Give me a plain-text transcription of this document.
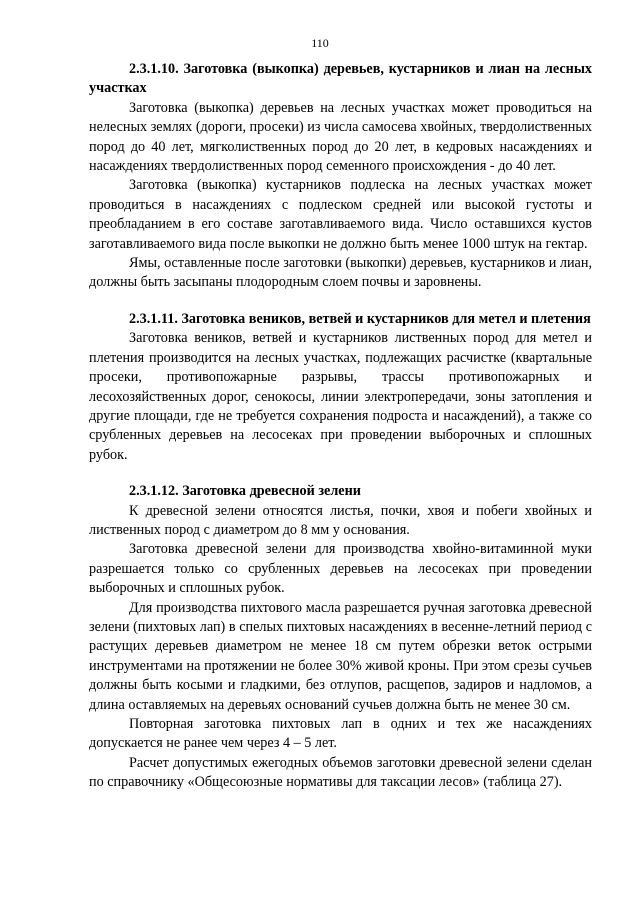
110

2.3.1.10. Заготовка (выкопка) деревьев, кустарников и лиан на лесных участках

Заготовка (выкопка) деревьев на лесных участках может проводиться на нелесных землях (дороги, просеки) из числа самосева хвойных, твердолиственных пород до 40 лет, мягколиственных пород до 20 лет, в кедровых насаждениях и насаждениях твердолиственных пород семенного происхождения - до 40 лет.

Заготовка (выкопка) кустарников подлеска на лесных участках может проводиться в насаждениях с подлеском средней или высокой густоты и преобладанием в его составе заготавливаемого вида. Число оставшихся кустов заготавливаемого вида после выкопки не должно быть менее 1000 штук на гектар.

Ямы, оставленные после заготовки (выкопки) деревьев, кустарников и лиан, должны быть засыпаны плодородным слоем почвы и заровнены.

2.3.1.11. Заготовка веников, ветвей и кустарников для метел и плетения

Заготовка веников, ветвей и кустарников лиственных пород для метел и плетения производится на лесных участках, подлежащих расчистке (квартальные просеки, противопожарные разрывы, трассы противопожарных и лесохозяйственных дорог, сенокосы, линии электропередачи, зоны затопления и другие площади, где не требуется сохранения подроста и насаждений), а также со срубленных деревьев на лесосеках при проведении выборочных и сплошных рубок.

2.3.1.12. Заготовка древесной зелени

К древесной зелени относятся листья, почки, хвоя и побеги хвойных и лиственных пород с диаметром до 8 мм у основания.

Заготовка древесной зелени для производства хвойно-витаминной муки разрешается только со срубленных деревьев на лесосеках при проведении выборочных и сплошных рубок.

Для производства пихтового масла разрешается ручная заготовка древесной зелени (пихтовых лап) в спелых пихтовых насаждениях в весенне-летний период с растущих деревьев диаметром не менее 18 см путем обрезки веток острыми инструментами на протяжении не более 30% живой кроны. При этом срезы сучьев должны быть косыми и гладкими, без отлупов, расщепов, задиров и надломов, а длина оставляемых на деревьях оснований сучьев должна быть не менее 30 см.

Повторная заготовка пихтовых лап в одних и тех же насаждениях допускается не ранее чем через 4 – 5 лет.

Расчет допустимых ежегодных объемов заготовки древесной зелени сделан по справочнику «Общесоюзные нормативы для таксации лесов» (таблица 27).
